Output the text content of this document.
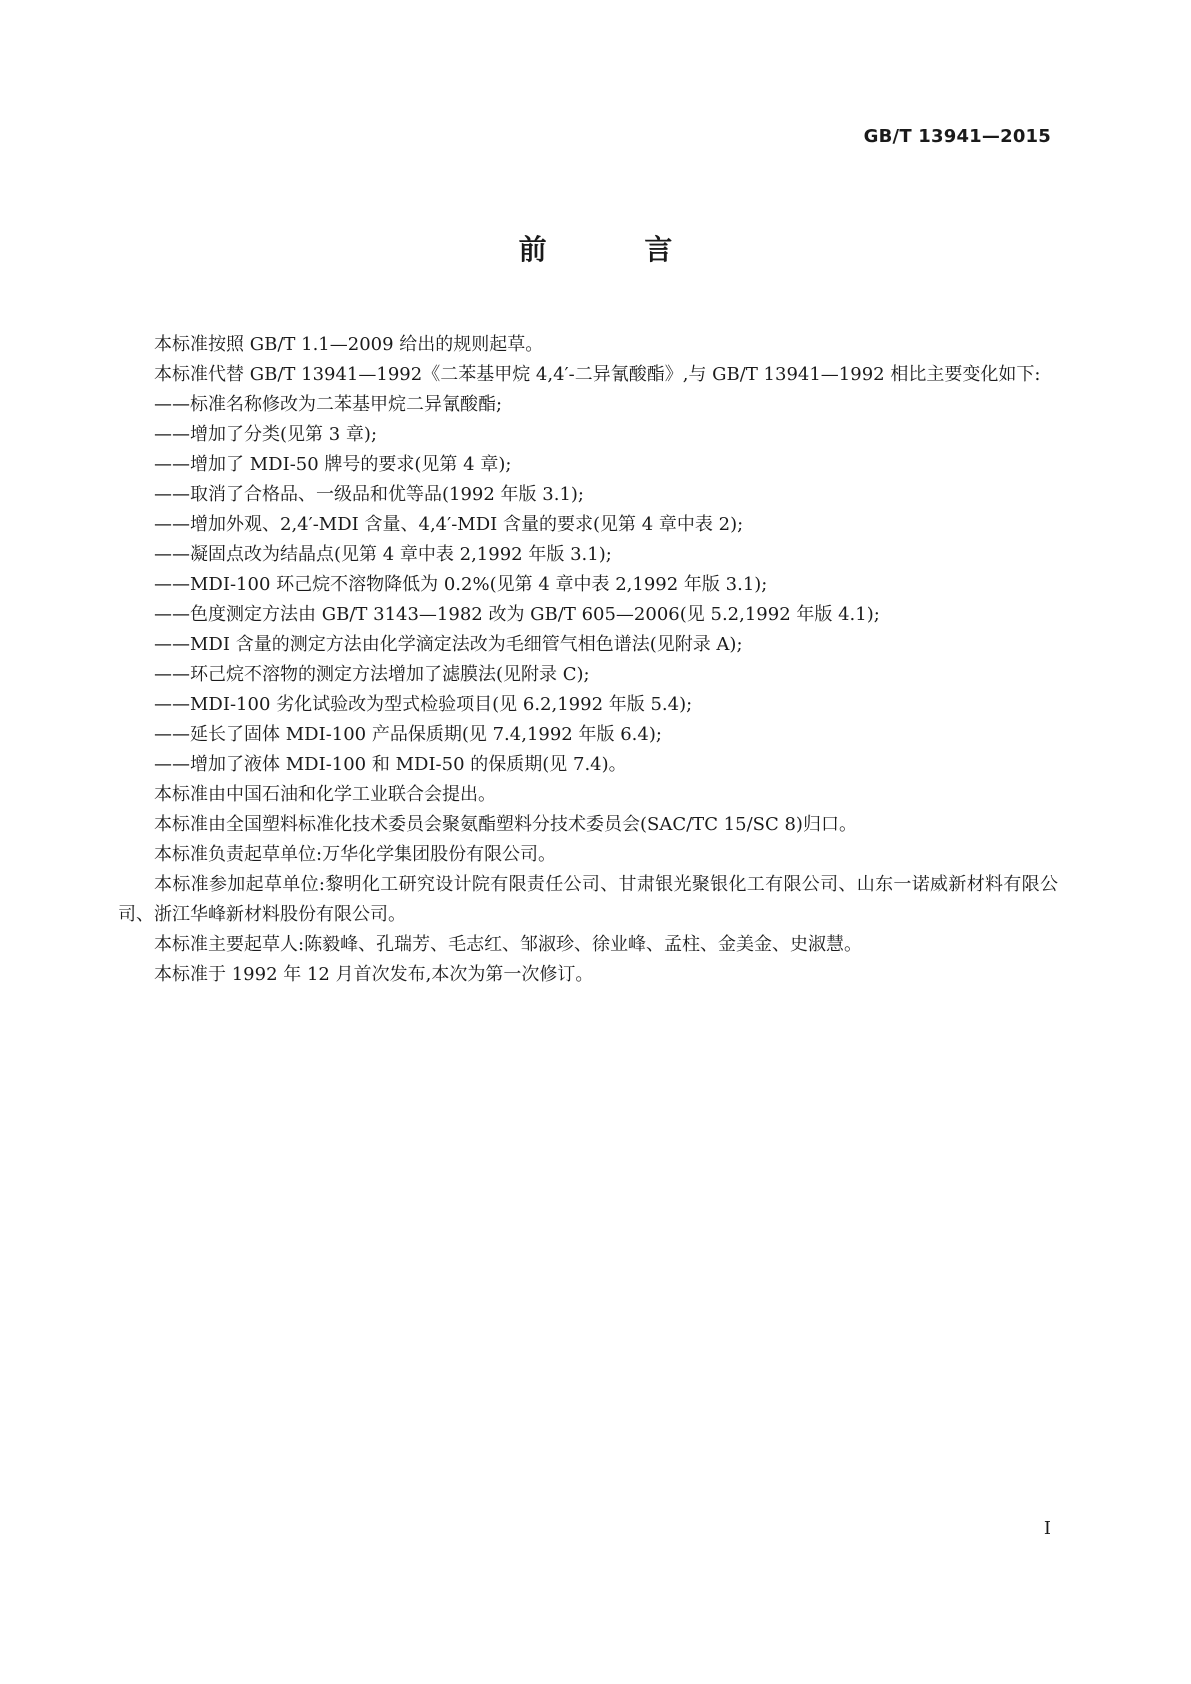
GB/T 13941—2015
前 言

本标准按照 GB/T 1.1—2009 给出的规则起草。

本标准代替 GB/T 13941—1992《二苯基甲烷 4,4′-二异氰酸酯》,与 GB/T 13941—1992 相比主要变化如下:

——标准名称修改为二苯基甲烷二异氰酸酯;

——增加了分类(见第 3 章);

——增加了 MDI-50 牌号的要求(见第 4 章);

——取消了合格品、一级品和优等品(1992 年版 3.1);

——增加外观、2,4′-MDI 含量、4,4′-MDI 含量的要求(见第 4 章中表 2);

——凝固点改为结晶点(见第 4 章中表 2,1992 年版 3.1);

——MDI-100 环己烷不溶物降低为 0.2%(见第 4 章中表 2,1992 年版 3.1);

——色度测定方法由 GB/T 3143—1982 改为 GB/T 605—2006(见 5.2,1992 年版 4.1);

——MDI 含量的测定方法由化学滴定法改为毛细管气相色谱法(见附录 A);

——环己烷不溶物的测定方法增加了滤膜法(见附录 C);

——MDI-100 劣化试验改为型式检验项目(见 6.2,1992 年版 5.4);

——延长了固体 MDI-100 产品保质期(见 7.4,1992 年版 6.4);

——增加了液体 MDI-100 和 MDI-50 的保质期(见 7.4)。

本标准由中国石油和化学工业联合会提出。

本标准由全国塑料标准化技术委员会聚氨酯塑料分技术委员会(SAC/TC 15/SC 8)归口。

本标准负责起草单位:万华化学集团股份有限公司。

本标准参加起草单位:黎明化工研究设计院有限责任公司、甘肃银光聚银化工有限公司、山东一诺威新材料有限公司、浙江华峰新材料股份有限公司。

本标准主要起草人:陈毅峰、孔瑞芳、毛志红、邹淑珍、徐业峰、孟柱、金美金、史淑慧。

本标准于 1992 年 12 月首次发布,本次为第一次修订。

I
